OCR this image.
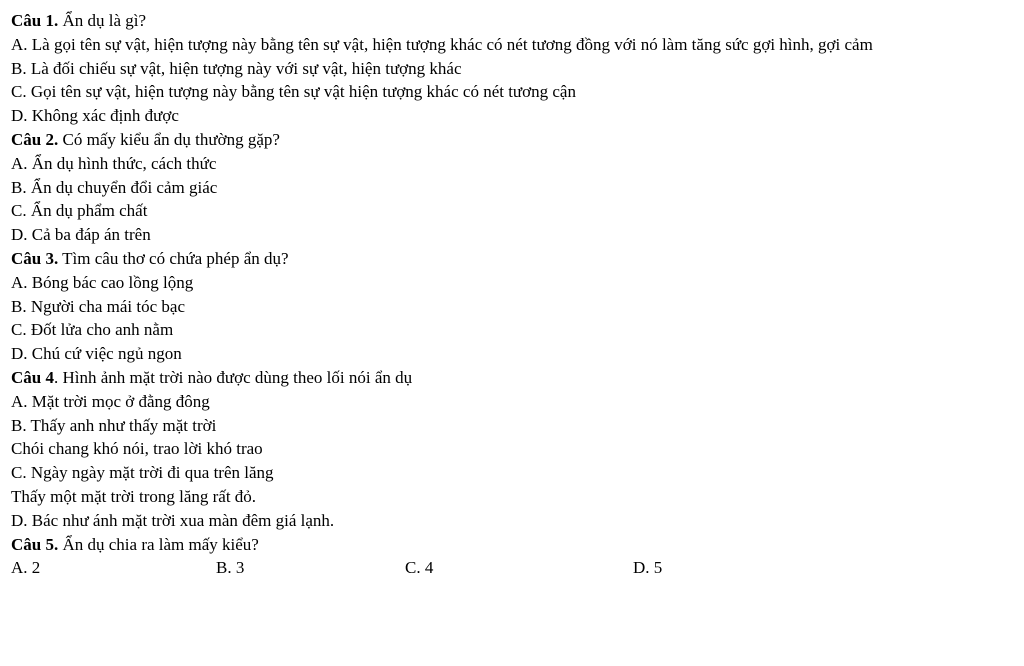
Câu 1. Ẩn dụ là gì?
A. Là gọi tên sự vật, hiện tượng này bằng tên sự vật, hiện tượng khác có nét tương đồng với nó làm tăng sức gợi hình, gợi cảm
B. Là đối chiếu sự vật, hiện tượng này với sự vật, hiện tượng khác
C. Gọi tên sự vật, hiện tượng này bằng tên sự vật hiện tượng khác có nét tương cận
D. Không xác định được
Câu 2. Có mấy kiểu ẩn dụ thường gặp?
A. Ẩn dụ hình thức, cách thức
B. Ẩn dụ chuyển đổi cảm giác
C. Ẩn dụ phẩm chất
D. Cả ba đáp án trên
Câu 3. Tìm câu thơ có chứa phép ẩn dụ?
A. Bóng bác cao lồng lộng
B. Người cha mái tóc bạc
C. Đốt lửa cho anh nằm
D. Chú cứ việc ngủ ngon
Câu 4. Hình ảnh mặt trời nào được dùng theo lối nói ẩn dụ
A. Mặt trời mọc ở đằng đông
B. Thấy anh như thấy mặt trời
Chói chang khó nói, trao lời khó trao
C. Ngày ngày mặt trời đi qua trên lăng
Thấy một mặt trời trong lăng rất đỏ.
D. Bác như ánh mặt trời xua màn đêm giá lạnh.
Câu 5. Ẩn dụ chia ra làm mấy kiểu?
A. 2	B. 3	C. 4	D. 5
